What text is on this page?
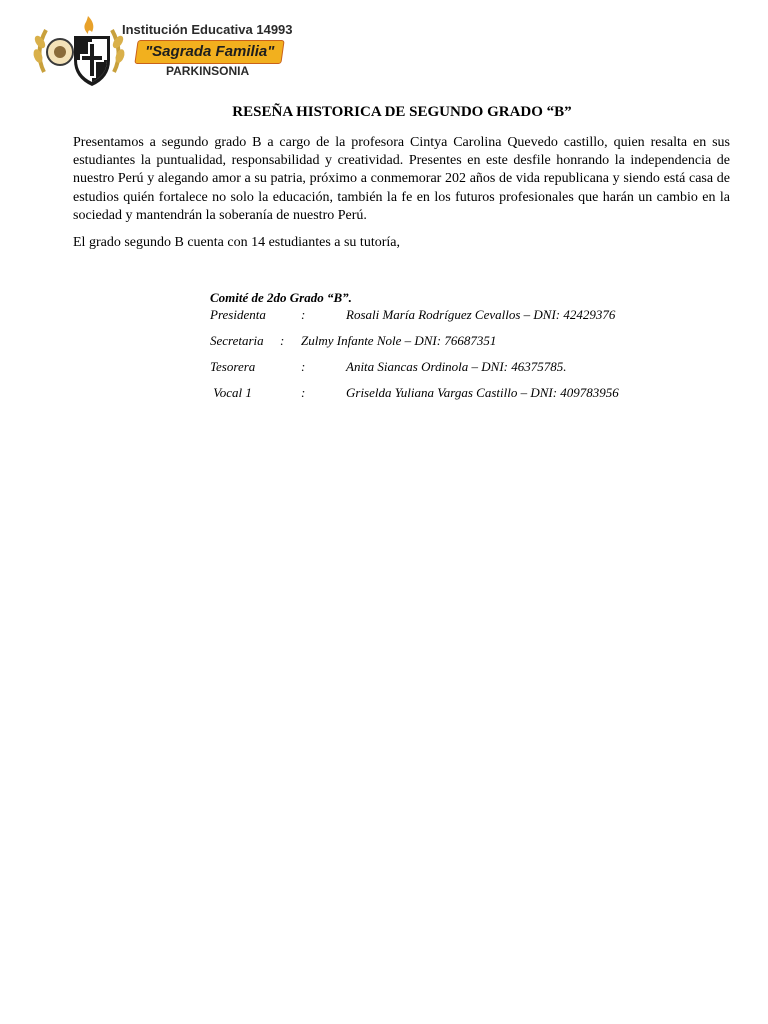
Institución Educativa 14993
"Sagrada Familia"
PARKINSONIA
RESEÑA HISTORICA DE SEGUNDO GRADO “B”

Presentamos a segundo grado B a cargo de la profesora Cintya Carolina Quevedo castillo, quien resalta en sus estudiantes la puntualidad, responsabilidad y creatividad. Presentes en este desfile honrando la independencia de nuestro Perú y alegando amor a su patria, próximo a conmemorar 202 años de vida republicana y siendo está casa de estudios quién fortalece no solo la educación, también la fe en los futuros profesionales que harán un cambio en la sociedad y mantendrán la soberanía de nuestro Perú.

El grado segundo B cuenta con 14 estudiantes a su tutoría,

Comité de 2do Grado “B”.
Presidenta	:	Rosali María Rodríguez Cevallos – DNI: 42429376
Secretaria : Zulmy Infante Nole – DNI: 76687351
Tesorera	:	Anita Siancas Ordinola – DNI: 46375785.
Vocal 1	:	Griselda Yuliana Vargas Castillo – DNI: 409783956
